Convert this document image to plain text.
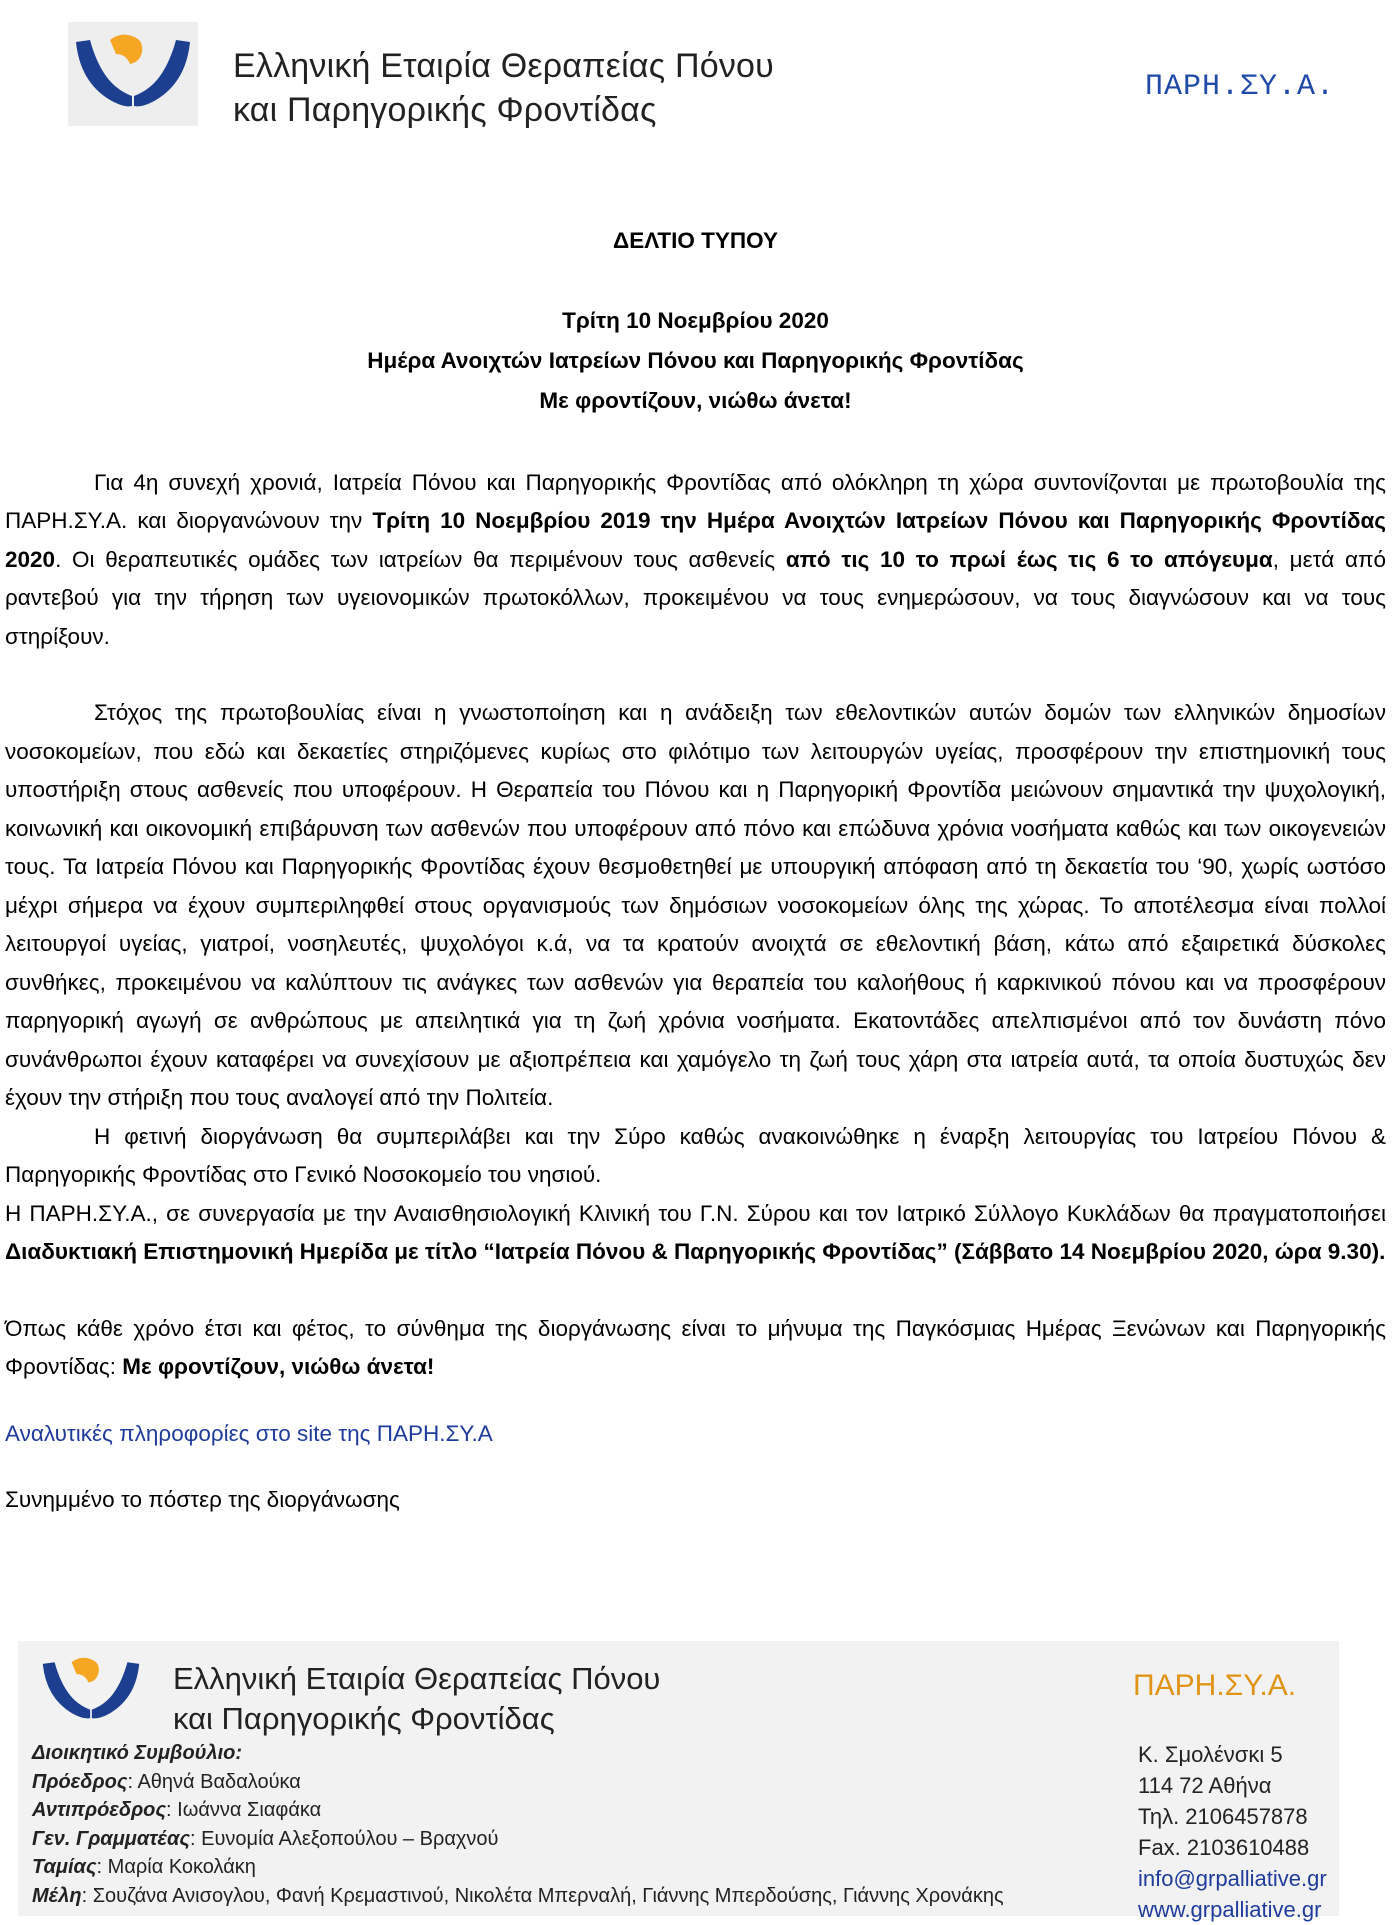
Ελληνική Εταιρία Θεραπείας Πόνου
και Παρηγορικής Φροντίδας
ΠΑΡΗ.ΣΥ.Α.
ΔΕΛΤΙΟ ΤΥΠΟΥ
Τρίτη 10 Νοεμβρίου 2020
Ημέρα Ανοιχτών Ιατρείων Πόνου και Παρηγορικής Φροντίδας
Με φροντίζουν, νιώθω άνετα!

Για 4η συνεχή χρονιά, Ιατρεία Πόνου και Παρηγορικής Φροντίδας από ολόκληρη τη χώρα συντονίζονται με πρωτοβουλία της ΠΑΡΗ.ΣΥ.Α. και διοργανώνουν την Τρίτη 10 Νοεμβρίου 2019 την Ημέρα Ανοιχτών Ιατρείων Πόνου και Παρηγορικής Φροντίδας 2020. Οι θεραπευτικές ομάδες των ιατρείων θα περιμένουν τους ασθενείς από τις 10 το πρωί έως τις 6 το απόγευμα, μετά από ραντεβού για την τήρηση των υγειονομικών πρωτοκόλλων, προκειμένου να τους ενημερώσουν, να τους διαγνώσουν και να τους στηρίξουν.

Στόχος της πρωτοβουλίας είναι η γνωστοποίηση και η ανάδειξη των εθελοντικών αυτών δομών των ελληνικών δημοσίων νοσοκομείων, που εδώ και δεκαετίες στηριζόμενες κυρίως στο φιλότιμο των λειτουργών υγείας, προσφέρουν την επιστημονική τους υποστήριξη στους ασθενείς που υποφέρουν. Η Θεραπεία του Πόνου και η Παρηγορική Φροντίδα μειώνουν σημαντικά την ψυχολογική, κοινωνική και οικονομική επιβάρυνση των ασθενών που υποφέρουν από πόνο και επώδυνα χρόνια νοσήματα καθώς και των οικογενειών τους. Τα Ιατρεία Πόνου και Παρηγορικής Φροντίδας έχουν θεσμοθετηθεί με υπουργική απόφαση από τη δεκαετία του ‘90, χωρίς ωστόσο μέχρι σήμερα να έχουν συμπεριληφθεί στους οργανισμούς των δημόσιων νοσοκομείων όλης της χώρας. Το αποτέλεσμα είναι πολλοί λειτουργοί υγείας, γιατροί, νοσηλευτές, ψυχολόγοι κ.ά, να τα κρατούν ανοιχτά σε εθελοντική βάση, κάτω από εξαιρετικά δύσκολες συνθήκες, προκειμένου να καλύπτουν τις ανάγκες των ασθενών για θεραπεία του καλοήθους ή καρκινικού πόνου και να προσφέρουν παρηγορική αγωγή σε ανθρώπους με απειλητικά για τη ζωή χρόνια νοσήματα. Εκατοντάδες απελπισμένοι από τον δυνάστη πόνο συνάνθρωποι έχουν καταφέρει να συνεχίσουν με αξιοπρέπεια και χαμόγελο τη ζωή τους χάρη στα ιατρεία αυτά, τα οποία δυστυχώς δεν έχουν την στήριξη που τους αναλογεί από την Πολιτεία.

Η φετινή διοργάνωση θα συμπεριλάβει και την Σύρο καθώς ανακοινώθηκε η έναρξη λειτουργίας του Ιατρείου Πόνου & Παρηγορικής Φροντίδας στο Γενικό Νοσοκομείο του νησιού.

Η ΠΑΡΗ.ΣΥ.Α., σε συνεργασία με την Αναισθησιολογική Κλινική του Γ.Ν. Σύρου και τον Ιατρικό Σύλλογο Κυκλάδων θα πραγματοποιήσει Διαδυκτιακή Επιστημονική Ημερίδα με τίτλο “Ιατρεία Πόνου & Παρηγορικής Φροντίδας” (Σάββατο 14 Νοεμβρίου 2020, ώρα 9.30).

Όπως κάθε χρόνο έτσι και φέτος, το σύνθημα της διοργάνωσης είναι το μήνυμα της Παγκόσμιας Ημέρας Ξενώνων και Παρηγορικής Φροντίδας: Με φροντίζουν, νιώθω άνετα!

Αναλυτικές πληροφορίες στο site της ΠΑΡΗ.ΣΥ.Α

Συνημμένο το πόστερ της διοργάνωσης

Ελληνική Εταιρία Θεραπείας Πόνου
και Παρηγορικής Φροντίδας
ΠΑΡΗ.ΣΥ.Α.
Διοικητικό Συμβούλιο:
Πρόεδρος: Αθηνά Βαδαλούκα
Αντιπρόεδρος: Ιωάννα Σιαφάκα
Γεν. Γραμματέας: Ευνομία Αλεξοπούλου – Βραχνού
Ταμίας: Μαρία Κοκολάκη
Μέλη: Σουζάνα Ανισογλου, Φανή Κρεμαστινού, Νικολέτα Μπερναλή, Γιάννης Μπερδούσης, Γιάννης Χρονάκης
Κ. Σμολένσκι 5
114 72 Αθήνα
Τηλ. 2106457878
Fax. 2103610488
info@grpalliative.gr
www.grpalliative.gr
